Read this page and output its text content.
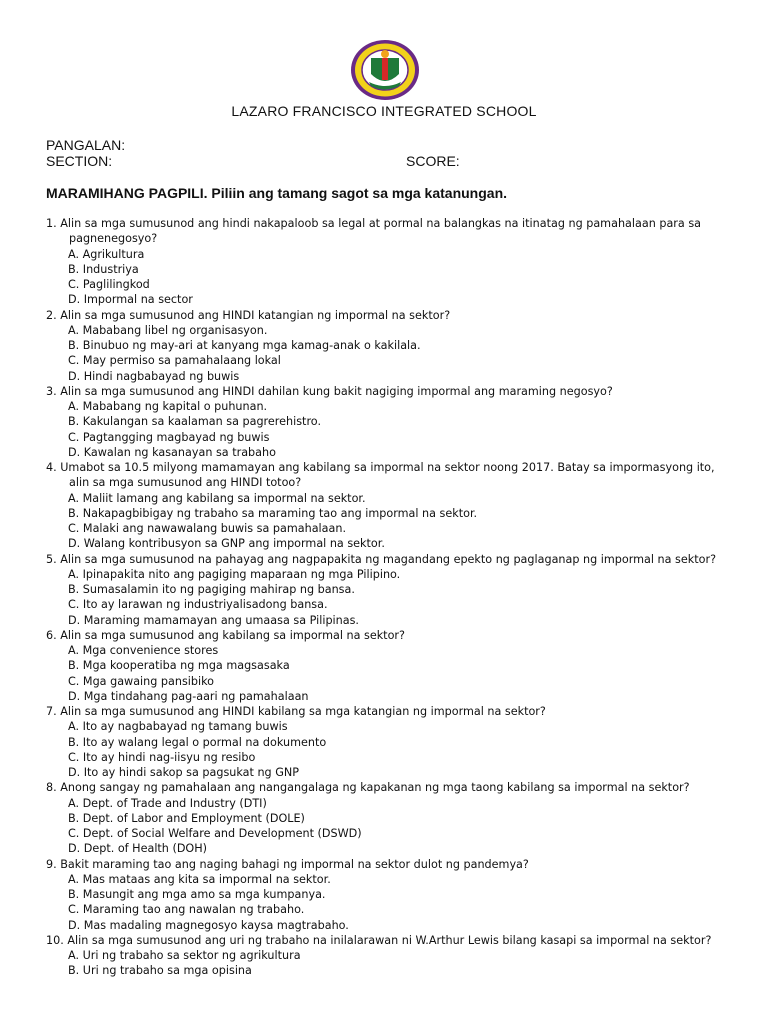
LAZARO FRANCISCO INTEGRATED SCHOOL
PANGALAN:
SECTION:	SCORE:
MARAMIHANG PAGPILI. Piliin ang tamang sagot sa mga katanungan.
1. Alin sa mga sumusunod ang hindi nakapaloob sa legal at pormal na balangkas na itinatag ng pamahalaan para sa pagnenegosyo?
A. Agrikultura
B. Industriya
C. Paglilingkod
D. Impormal na sector
2. Alin sa mga sumusunod ang HINDI katangian ng impormal na sektor?
A. Mababang libel ng organisasyon.
B. Binubuo ng may-ari at kanyang mga kamag-anak o kakilala.
C. May permiso sa pamahalaang lokal
D. Hindi nagbabayad ng buwis
3. Alin sa mga sumusunod ang HINDI dahilan kung bakit nagiging impormal ang maraming negosyo?
A. Mababang ng kapital o puhunan.
B. Kakulangan sa kaalaman sa pagrerehistro.
C. Pagtangging magbayad ng buwis
D. Kawalan ng kasanayan sa trabaho
4. Umabot sa 10.5 milyong mamamayan ang kabilang sa impormal na sektor noong 2017. Batay sa impormasyong ito, alin sa mga sumusunod ang HINDI totoo?
A. Maliit lamang ang kabilang sa impormal na sektor.
B. Nakapagbibigay ng trabaho sa maraming tao ang impormal na sektor.
C. Malaki ang nawawalang buwis sa pamahalaan.
D. Walang kontribusyon sa GNP ang impormal na sektor.
5. Alin sa mga sumusunod na pahayag ang nagpapakita ng magandang epekto ng paglaganap ng impormal na sektor?
A. Ipinapakita nito ang pagiging maparaan ng mga Pilipino.
B. Sumasalamin ito ng pagiging mahirap ng bansa.
C. Ito ay larawan ng industriyalisadong bansa.
D. Maraming mamamayan ang umaasa sa Pilipinas.
6. Alin sa mga sumusunod ang kabilang sa impormal na sektor?
A. Mga convenience stores
B. Mga kooperatiba ng mga magsasaka
C. Mga gawaing pansibiko
D. Mga tindahang pag-aari ng pamahalaan
7. Alin sa mga sumusunod ang HINDI kabilang sa mga katangian ng impormal na sektor?
A. Ito ay nagbabayad ng tamang buwis
B. Ito ay walang legal o pormal na dokumento
C. Ito ay hindi nag-iisyu ng resibo
D. Ito ay hindi sakop sa pagsukat ng GNP
8. Anong sangay ng pamahalaan ang nangangalaga ng kapakanan ng mga taong kabilang sa impormal na sektor?
A. Dept. of Trade and Industry (DTI)
B. Dept. of Labor and Employment (DOLE)
C. Dept. of Social Welfare and Development (DSWD)
D. Dept. of Health (DOH)
9. Bakit maraming tao ang naging bahagi ng impormal na sektor dulot ng pandemya?
A. Mas mataas ang kita sa impormal na sektor.
B. Masungit ang mga amo sa mga kumpanya.
C. Maraming tao ang nawalan ng trabaho.
D. Mas madaling magnegosyo kaysa magtrabaho.
10. Alin sa mga sumusunod ang uri ng trabaho na inilalarawan ni W.Arthur Lewis bilang kasapi sa impormal na sektor?
A. Uri ng trabaho sa sektor ng agrikultura
B. Uri ng trabaho sa mga opisina
